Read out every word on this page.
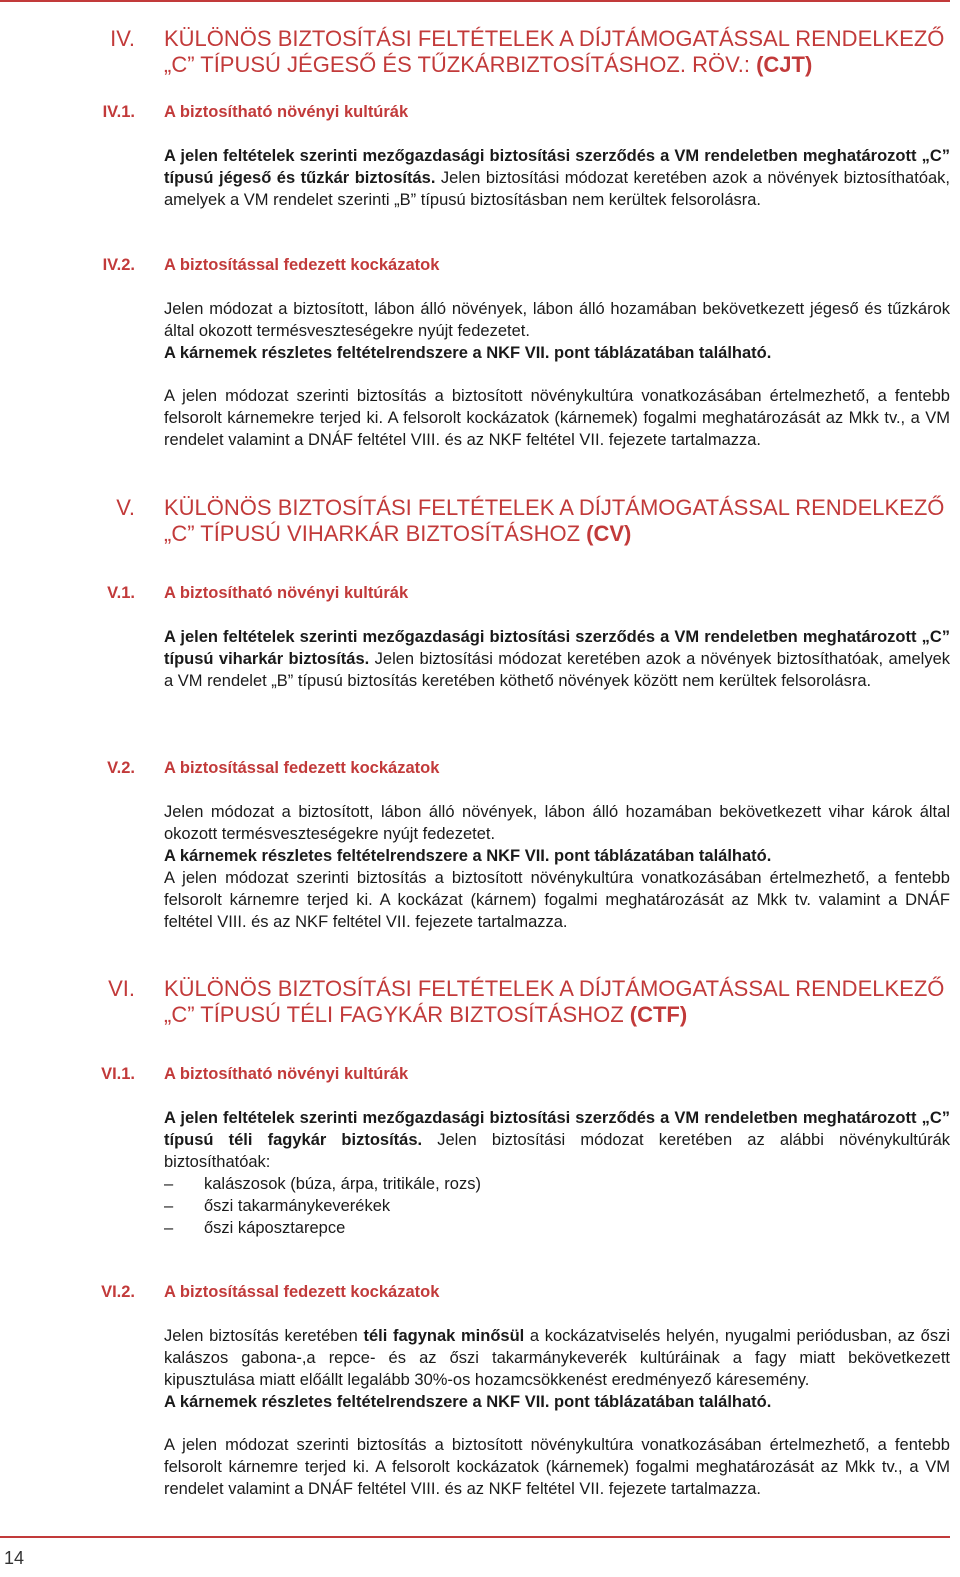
IV. KÜLÖNÖS BIZTOSÍTÁSI FELTÉTELEK A DÍJTÁMOGATÁSSAL RENDELKEZŐ „C” TÍPUSÚ JÉGESŐ ÉS TŰZKÁRBIZTOSÍTÁSHOZ. RÖV.: (CJT)
IV.1. A biztosítható növényi kultúrák
A jelen feltételek szerinti mezőgazdasági biztosítási szerződés a VM rendeletben meghatározott „C” típusú jégeső és tűzkár biztosítás. Jelen biztosítási módozat keretében azok a növények biztosíthatóak, amelyek a VM rendelet szerinti „B” típusú biztosításban nem kerültek felsorolásra.
IV.2. A biztosítással fedezett kockázatok
Jelen módozat a biztosított, lábon álló növények, lábon álló hozamában bekövetkezett jégeső és tűzkárok által okozott termésveszteségekre nyújt fedezetet.
A kárnemek részletes feltételrendszere a NKF VII. pont táblázatában található.
A jelen módozat szerinti biztosítás a biztosított növénykultúra vonatkozásában értelmezhető, a fentebb felsorolt kárnemekre terjed ki. A felsorolt kockázatok (kárnemek) fogalmi meghatározását az Mkk tv., a VM rendelet valamint a DNÁF feltétel VIII. és az NKF feltétel VII. fejezete tartalmazza.
V. KÜLÖNÖS BIZTOSÍTÁSI FELTÉTELEK A DÍJTÁMOGATÁSSAL RENDELKEZŐ „C” TÍPUSÚ VIHARKÁR BIZTOSÍTÁSHOZ (CV)
V.1. A biztosítható növényi kultúrák
A jelen feltételek szerinti mezőgazdasági biztosítási szerződés a VM rendeletben meghatározott „C” típusú viharkár biztosítás. Jelen biztosítási módozat keretében azok a növények biztosíthatóak, amelyek a VM rendelet „B” típusú biztosítás keretében köthető növények között nem kerültek felsorolásra.
V.2. A biztosítással fedezett kockázatok
Jelen módozat a biztosított, lábon álló növények, lábon álló hozamában bekövetkezett vihar károk által okozott termésveszteségekre nyújt fedezetet.
A kárnemek részletes feltételrendszere a NKF VII. pont táblázatában található.
A jelen módozat szerinti biztosítás a biztosított növénykultúra vonatkozásában értelmezhető, a fentebb felsorolt kárnemre terjed ki. A kockázat (kárnem) fogalmi meghatározását az Mkk tv. valamint a DNÁF feltétel VIII. és az NKF feltétel VII. fejezete tartalmazza.
VI. KÜLÖNÖS BIZTOSÍTÁSI FELTÉTELEK A DÍJTÁMOGATÁSSAL RENDELKEZŐ „C” TÍPUSÚ TÉLI FAGYKÁR BIZTOSÍTÁSHOZ (CTF)
VI.1. A biztosítható növényi kultúrák
A jelen feltételek szerinti mezőgazdasági biztosítási szerződés a VM rendeletben meghatározott „C” típusú téli fagykár biztosítás. Jelen biztosítási módozat keretében az alábbi növénykultúrák biztosíthatóak:
– kalászosok (búza, árpa, tritikále, rozs)
– őszi takarmánykeverékek
– őszi káposztarepce
VI.2. A biztosítással fedezett kockázatok
Jelen biztosítás keretében téli fagynak minősül a kockázatviselés helyén, nyugalmi periódusban, az őszi kalászos gabona-,a repce- és az őszi takarmánykeverék kultúráinak a fagy miatt bekövetkezett kipusztulása miatt előállt legalább 30%-os hozamcsökkenést eredményező káresemény.
A kárnemek részletes feltételrendszere a NKF VII. pont táblázatában található.
A jelen módozat szerinti biztosítás a biztosított növénykultúra vonatkozásában értelmezhető, a fentebb felsorolt kárnemre terjed ki. A felsorolt kockázatok (kárnemek) fogalmi meghatározását az Mkk tv., a VM rendelet valamint a DNÁF feltétel VIII. és az NKF feltétel VII. fejezete tartalmazza.
14
